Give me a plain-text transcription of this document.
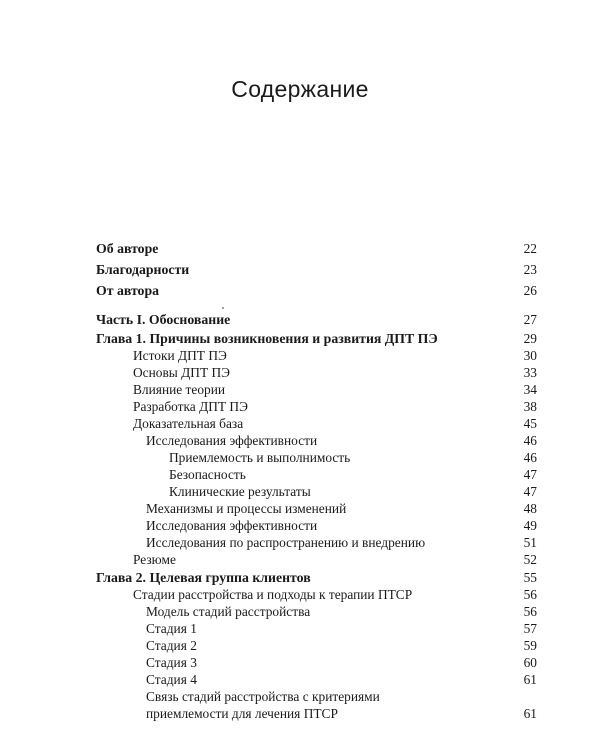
Содержание
Об авторе	22
Благодарности	23
От автора	26
Часть I. Обоснование	27
Глава 1. Причины возникновения и развития ДПТ ПЭ	29
Истоки ДПТ ПЭ	30
Основы ДПТ ПЭ	33
Влияние теории	34
Разработка ДПТ ПЭ	38
Доказательная база	45
Исследования эффективности	46
Приемлемость и выполнимость	46
Безопасность	47
Клинические результаты	47
Механизмы и процессы изменений	48
Исследования эффективности	49
Исследования по распространению и внедрению	51
Резюме	52
Глава 2. Целевая группа клиентов	55
Стадии расстройства и подходы к терапии ПТСР	56
Модель стадий расстройства	56
Стадия 1	57
Стадия 2	59
Стадия 3	60
Стадия 4	61
Связь стадий расстройства с критериями
приемлемости для лечения ПТСР	61
